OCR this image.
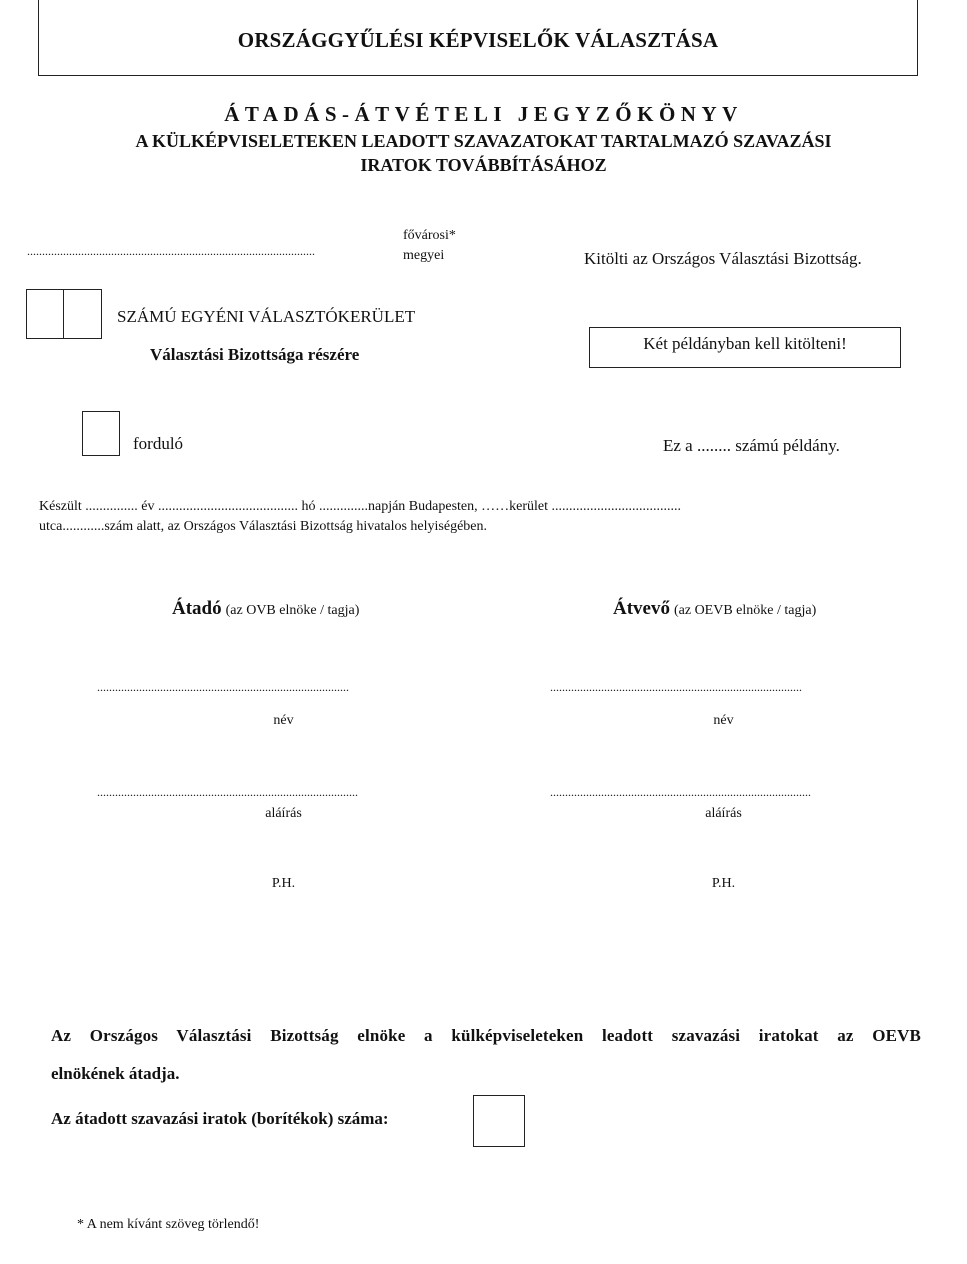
ORSZÁGGYŰLÉSI KÉPVISELŐK VÁLASZTÁSA
ÁTADÁS-ÁTVÉTELI JEGYZŐKÖNYV
A KÜLKÉPVISELETEKEN LEADOTT SZAVAZATOKAT TARTALMAZÓ SZAVAZÁSI
IRATOK TOVÁBBÍTÁSÁHOZ
................................................................................................
fővárosi*
megyei	Kitölti az Országos Választási Bizottság.
SZÁMÚ EGYÉNI VÁLASZTÓKERÜLET
Választási Bizottsága részére
Két példányban kell kitölteni!
forduló	Ez a ........ számú példány.
Készült ............... év ........................................ hó ..............napján Budapesten, ……kerület .....................................
utca............szám alatt, az Országos Választási Bizottság hivatalos helyiségében.
Átadó (az OVB elnöke / tagja)
....................................................................................
név
.......................................................................................
aláírás
P.H.
Átvevő (az OEVB elnöke / tagja)
....................................................................................
név
.......................................................................................
aláírás
P.H.
Az Országos Választási Bizottság elnöke a külképviseleteken leadott szavazási iratokat az OEVB
elnökének átadja.
Az átadott szavazási iratok (borítékok) száma:
* A nem kívánt szöveg törlendő!
